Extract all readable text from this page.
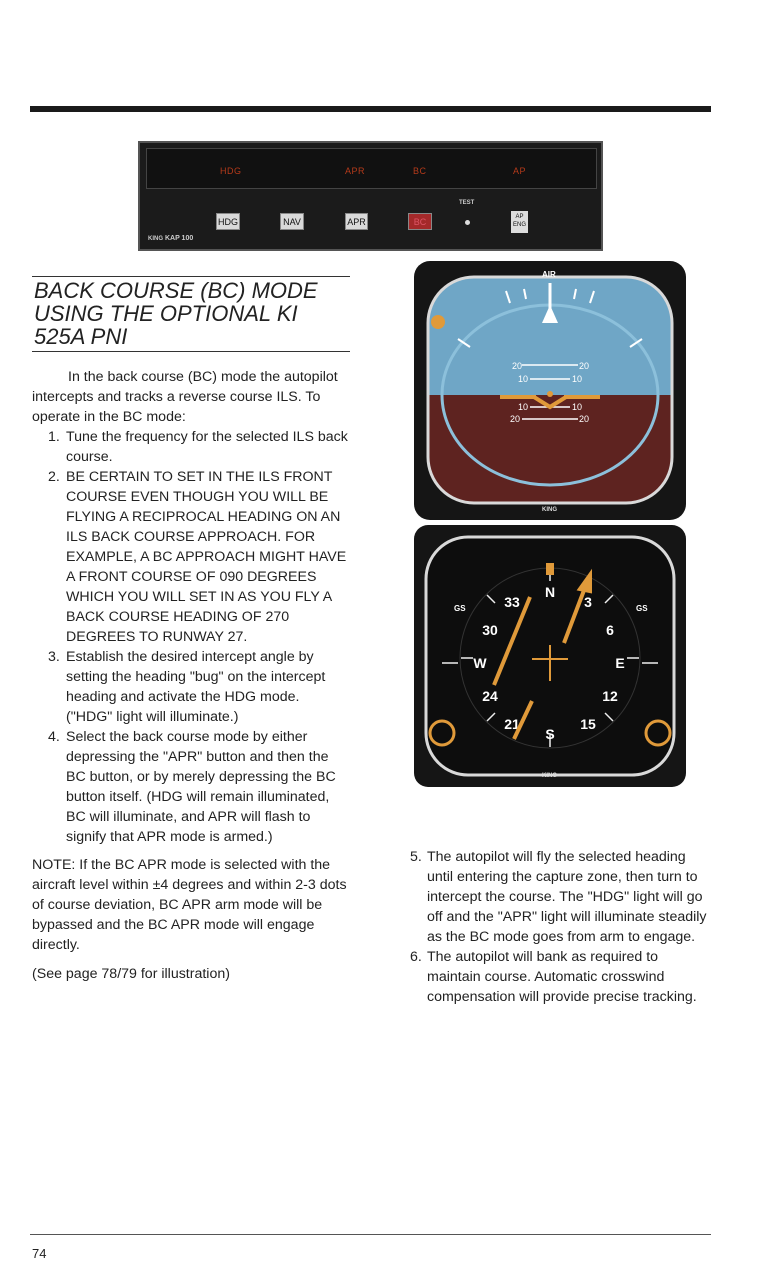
HDG	APR	BC	AP
HDG	NAV	APR	BC
TEST
AP
ENG
KING KAP 100
BACK COURSE (BC) MODE USING THE OPTIONAL KI 525A PNI

In the back course (BC) mode the autopilot intercepts and tracks a reverse course ILS. To operate in the BC mode:

1. Tune the frequency for the selected ILS back course.
2. BE CERTAIN TO SET IN THE ILS FRONT COURSE EVEN THOUGH YOU WILL BE FLYING A RECIPROCAL HEADING ON AN ILS BACK COURSE APPROACH. FOR EXAMPLE, A BC APPROACH MIGHT HAVE A FRONT COURSE OF 090 DEGREES WHICH YOU WILL SET IN AS YOU FLY A BACK COURSE HEADING OF 270 DEGREES TO RUNWAY 27.
3. Establish the desired intercept angle by setting the heading "bug" on the intercept heading and activate the HDG mode. ("HDG" light will illuminate.)
4. Select the back course mode by either depressing the "APR" button and then the BC button, or by merely depressing the BC button itself. (HDG will remain illuminated, BC will illuminate, and APR will flash to signify that APR mode is armed.)

NOTE: If the BC APR mode is selected with the aircraft level within ±4 degrees and within 2-3 dots of course deviation, BC APR arm mode will be bypassed and the BC APR mode will engage directly.

(See page 78/79 for illustration)

AIR
20	20
10	10
10	10
20	20
KING
N
3
6
E
12
15
S
21
24
W
30
33
GS	GS
KING
5. The autopilot will fly the selected heading until entering the capture zone, then turn to intercept the course. The "HDG" light will go off and the "APR" light will illuminate steadily as the BC mode goes from arm to engage.
6. The autopilot will bank as required to maintain course. Automatic crosswind compensation will provide precise tracking.
74
